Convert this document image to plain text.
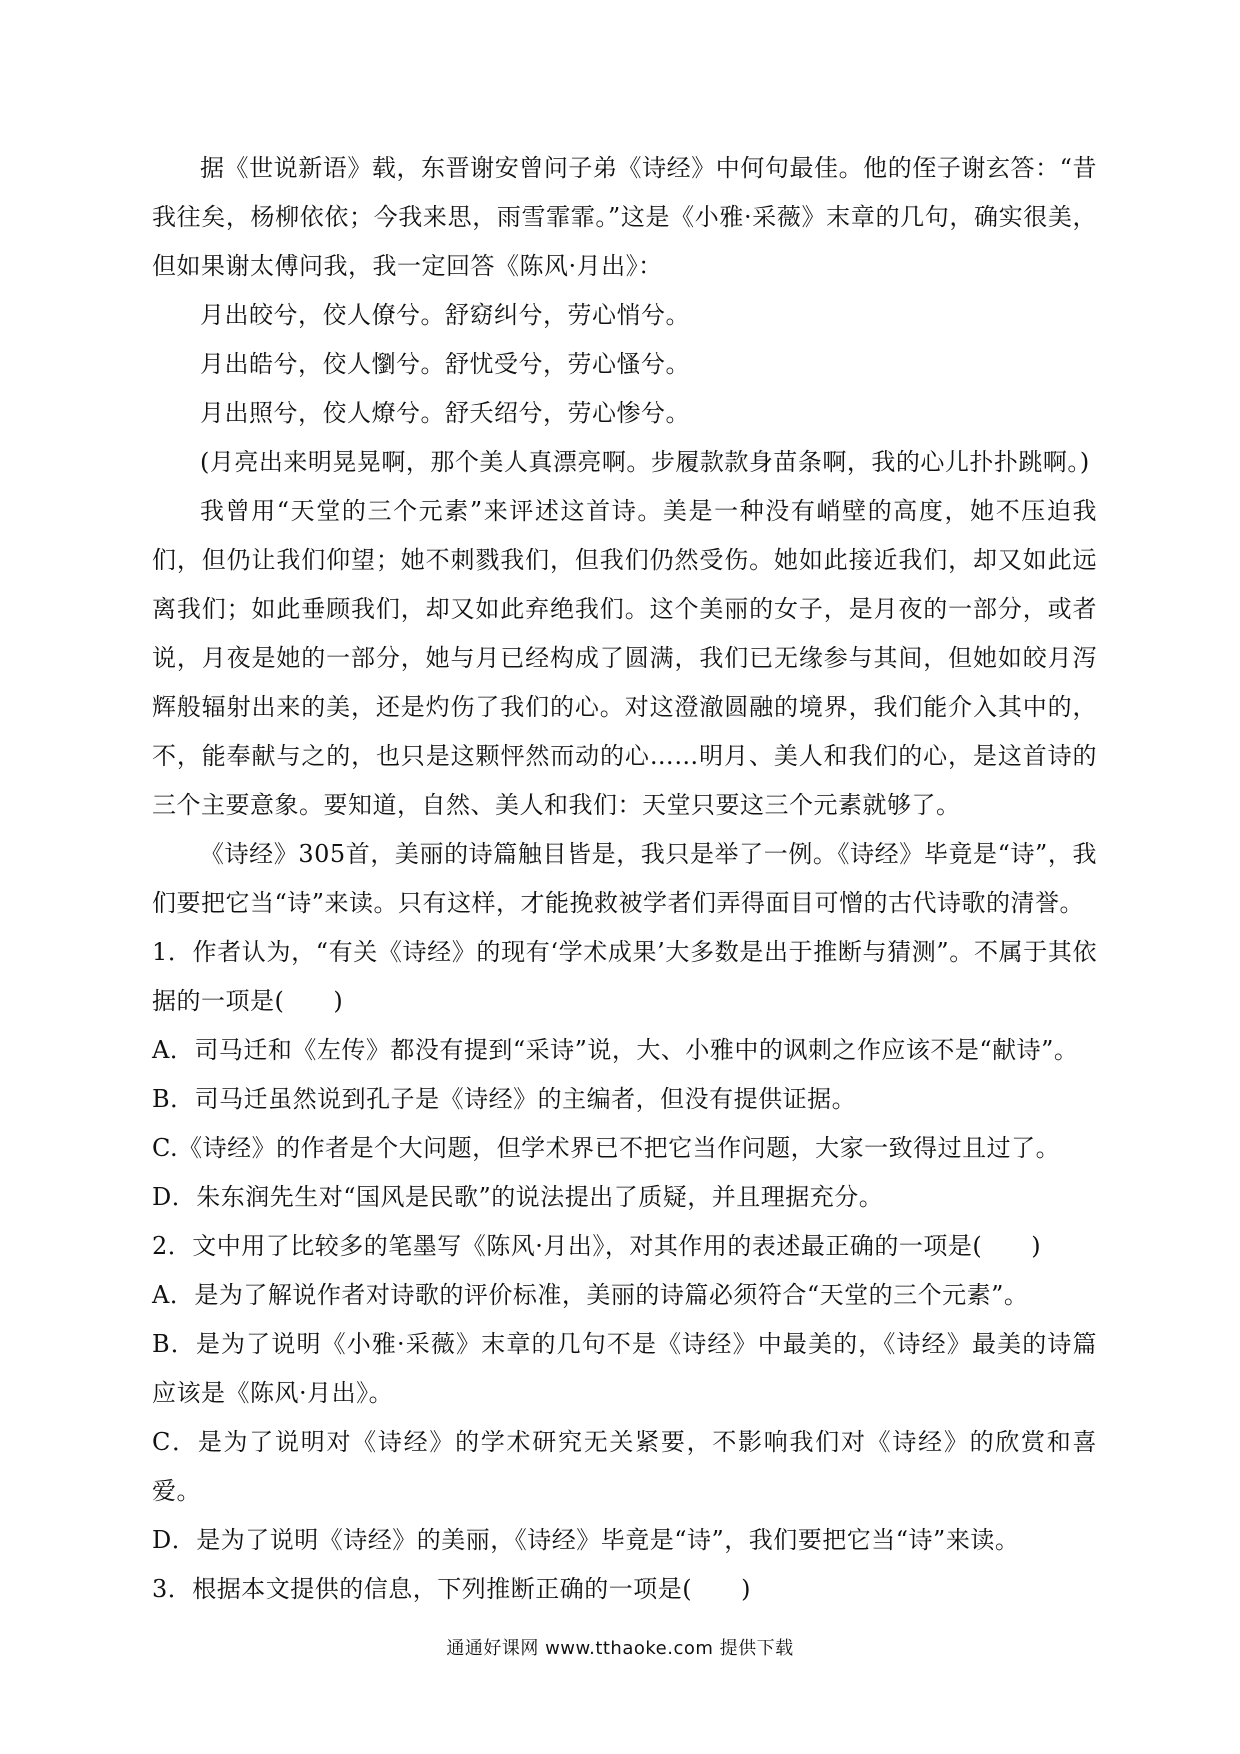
据《世说新语》载，东晋谢安曾问子弟《诗经》中何句最佳。他的侄子谢玄答：“昔我往矣，杨柳依依；今我来思，雨雪霏霏。”这是《小雅·采薇》末章的几句，确实很美，但如果谢太傅问我，我一定回答《陈风·月出》：

月出皎兮，佼人僚兮。舒窈纠兮，劳心悄兮。

月出皓兮，佼人懰兮。舒忧受兮，劳心慅兮。

月出照兮，佼人燎兮。舒夭绍兮，劳心惨兮。

(月亮出来明晃晃啊，那个美人真漂亮啊。步履款款身苗条啊，我的心儿扑扑跳啊。)

我曾用“天堂的三个元素”来评述这首诗。美是一种没有峭壁的高度，她不压迫我们，但仍让我们仰望；她不刺戮我们，但我们仍然受伤。她如此接近我们，却又如此远离我们；如此垂顾我们，却又如此弃绝我们。这个美丽的女子，是月夜的一部分，或者说，月夜是她的一部分，她与月已经构成了圆满，我们已无缘参与其间，但她如皎月泻辉般辐射出来的美，还是灼伤了我们的心。对这澄澈圆融的境界，我们能介入其中的，不，能奉献与之的，也只是这颗怦然而动的心……明月、美人和我们的心，是这首诗的三个主要意象。要知道，自然、美人和我们：天堂只要这三个元素就够了。

《诗经》305首，美丽的诗篇触目皆是，我只是举了一例。《诗经》毕竟是“诗”，我们要把它当“诗”来读。只有这样，才能挽救被学者们弄得面目可憎的古代诗歌的清誉。

1．作者认为，“有关《诗经》的现有‘学术成果’大多数是出于推断与猜测”。不属于其依据的一项是(　　)

A．司马迁和《左传》都没有提到“采诗”说，大、小雅中的讽刺之作应该不是“献诗”。

B．司马迁虽然说到孔子是《诗经》的主编者，但没有提供证据。

C.《诗经》的作者是个大问题，但学术界已不把它当作问题，大家一致得过且过了。

D．朱东润先生对“国风是民歌”的说法提出了质疑，并且理据充分。

2．文中用了比较多的笔墨写《陈风·月出》，对其作用的表述最正确的一项是(　　)

A．是为了解说作者对诗歌的评价标准，美丽的诗篇必须符合“天堂的三个元素”。

B．是为了说明《小雅·采薇》末章的几句不是《诗经》中最美的，《诗经》最美的诗篇应该是《陈风·月出》。

C．是为了说明对《诗经》的学术研究无关紧要，不影响我们对《诗经》的欣赏和喜爱。

D．是为了说明《诗经》的美丽，《诗经》毕竟是“诗”，我们要把它当“诗”来读。

3．根据本文提供的信息，下列推断正确的一项是(　　)

通通好课网 www.tthaoke.com 提供下载
